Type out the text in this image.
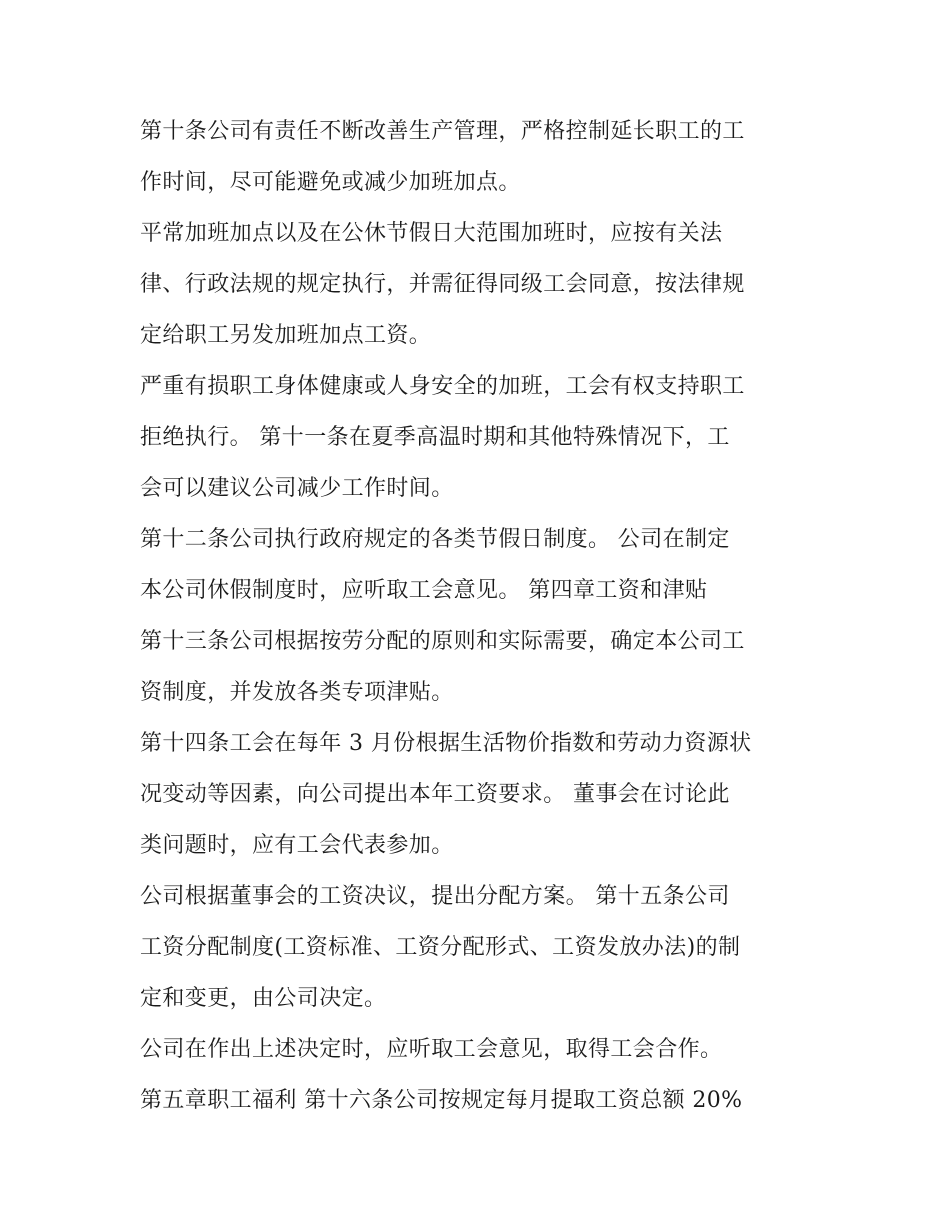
第十条公司有责任不断改善生产管理，严格控制延长职工的工
作时间，尽可能避免或减少加班加点。
平常加班加点以及在公休节假日大范围加班时，应按有关法
律、行政法规的规定执行，并需征得同级工会同意，按法律规
定给职工另发加班加点工资。
严重有损职工身体健康或人身安全的加班，工会有权支持职工
拒绝执行。 第十一条在夏季高温时期和其他特殊情况下，工
会可以建议公司减少工作时间。
第十二条公司执行政府规定的各类节假日制度。 公司在制定
本公司休假制度时，应听取工会意见。 第四章工资和津贴
第十三条公司根据按劳分配的原则和实际需要，确定本公司工
资制度，并发放各类专项津贴。
第十四条工会在每年 3 月份根据生活物价指数和劳动力资源状
况变动等因素，向公司提出本年工资要求。 董事会在讨论此
类问题时，应有工会代表参加。
公司根据董事会的工资决议，提出分配方案。 第十五条公司
工资分配制度(工资标准、工资分配形式、工资发放办法)的制
定和变更，由公司决定。
公司在作出上述决定时，应听取工会意见，取得工会合作。
第五章职工福利 第十六条公司按规定每月提取工资总额 20%
